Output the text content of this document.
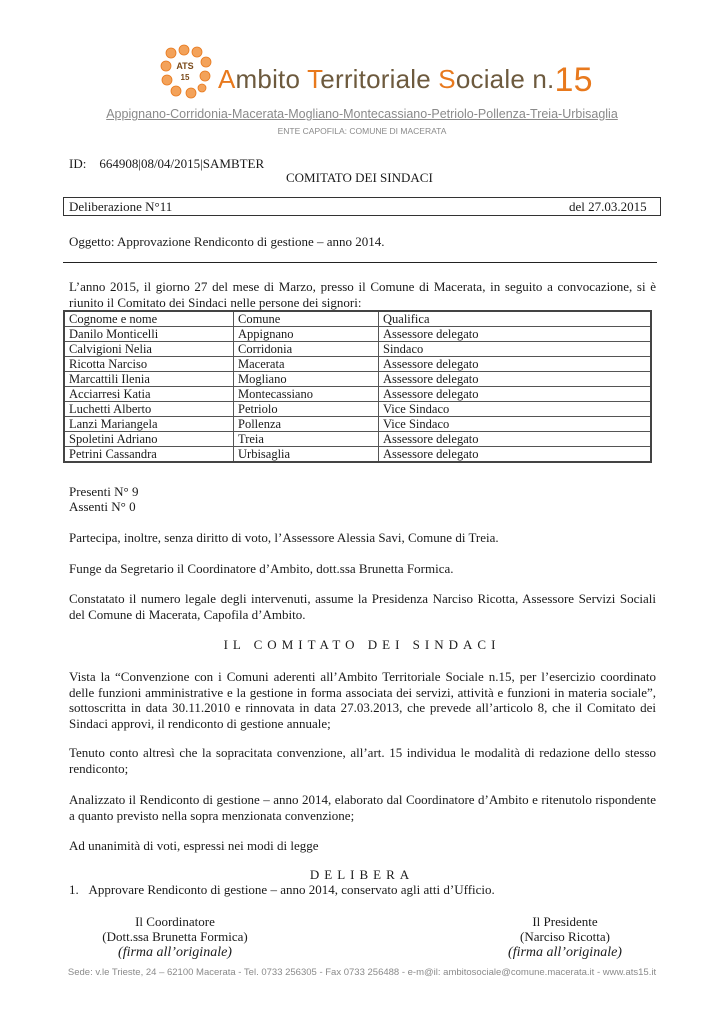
ATS
15 Ambito Territoriale Sociale n.15
Appignano-Corridonia-Macerata-Mogliano-Montecassiano-Petriolo-Pollenza-Treia-Urbisaglia
ENTE CAPOFILA: COMUNE DI MACERATA
ID: 664908|08/04/2015|SAMBTER
COMITATO DEI SINDACI
Deliberazione N°11	del 27.03.2015
Oggetto: Approvazione Rendiconto di gestione – anno 2014.
L’anno 2015, il giorno 27 del mese di Marzo, presso il Comune di Macerata, in seguito a convocazione, si è riunito il Comitato dei Sindaci nelle persone dei signori:
Cognome e nome	Comune	Qualifica
Danilo Monticelli	Appignano	Assessore delegato
Calvigioni Nelia	Corridonia	Sindaco
Ricotta Narciso	Macerata	Assessore delegato
Marcattili Ilenia	Mogliano	Assessore delegato
Acciarresi Katia	Montecassiano	Assessore delegato
Luchetti Alberto	Petriolo	Vice Sindaco
Lanzi Mariangela	Pollenza	Vice Sindaco
Spoletini Adriano	Treia	Assessore delegato
Petrini Cassandra	Urbisaglia	Assessore delegato
Presenti N° 9
Assenti N° 0
Partecipa, inoltre, senza diritto di voto, l’Assessore Alessia Savi, Comune di Treia.
Funge da Segretario il Coordinatore d’Ambito, dott.ssa Brunetta Formica.
Constatato il numero legale degli intervenuti, assume la Presidenza Narciso Ricotta, Assessore Servizi Sociali del Comune di Macerata, Capofila d’Ambito.
IL COMITATO DEI SINDACI
Vista la “Convenzione con i Comuni aderenti all’Ambito Territoriale Sociale n.15, per l’esercizio coordinato delle funzioni amministrative e la gestione in forma associata dei servizi, attività e funzioni in materia sociale”, sottoscritta in data 30.11.2010 e rinnovata in data 27.03.2013, che prevede all’articolo 8, che il Comitato dei Sindaci approvi, il rendiconto di gestione annuale;
Tenuto conto altresì che la sopracitata convenzione, all’art. 15 individua le modalità di redazione dello stesso rendiconto;
Analizzato il Rendiconto di gestione – anno 2014, elaborato dal Coordinatore d’Ambito e ritenutolo rispondente a quanto previsto nella sopra menzionata convenzione;
Ad unanimità di voti, espressi nei modi di legge
DELIBERA
1. Approvare Rendiconto di gestione – anno 2014, conservato agli atti d’Ufficio.
Il Coordinatore
(Dott.ssa Brunetta Formica)
(firma all’originale)
Il Presidente
(Narciso Ricotta)
(firma all’originale)
Sede: v.le Trieste, 24 – 62100 Macerata - Tel. 0733 256305 - Fax 0733 256488 - e-m@il: ambitosociale@comune.macerata.it - www.ats15.it
